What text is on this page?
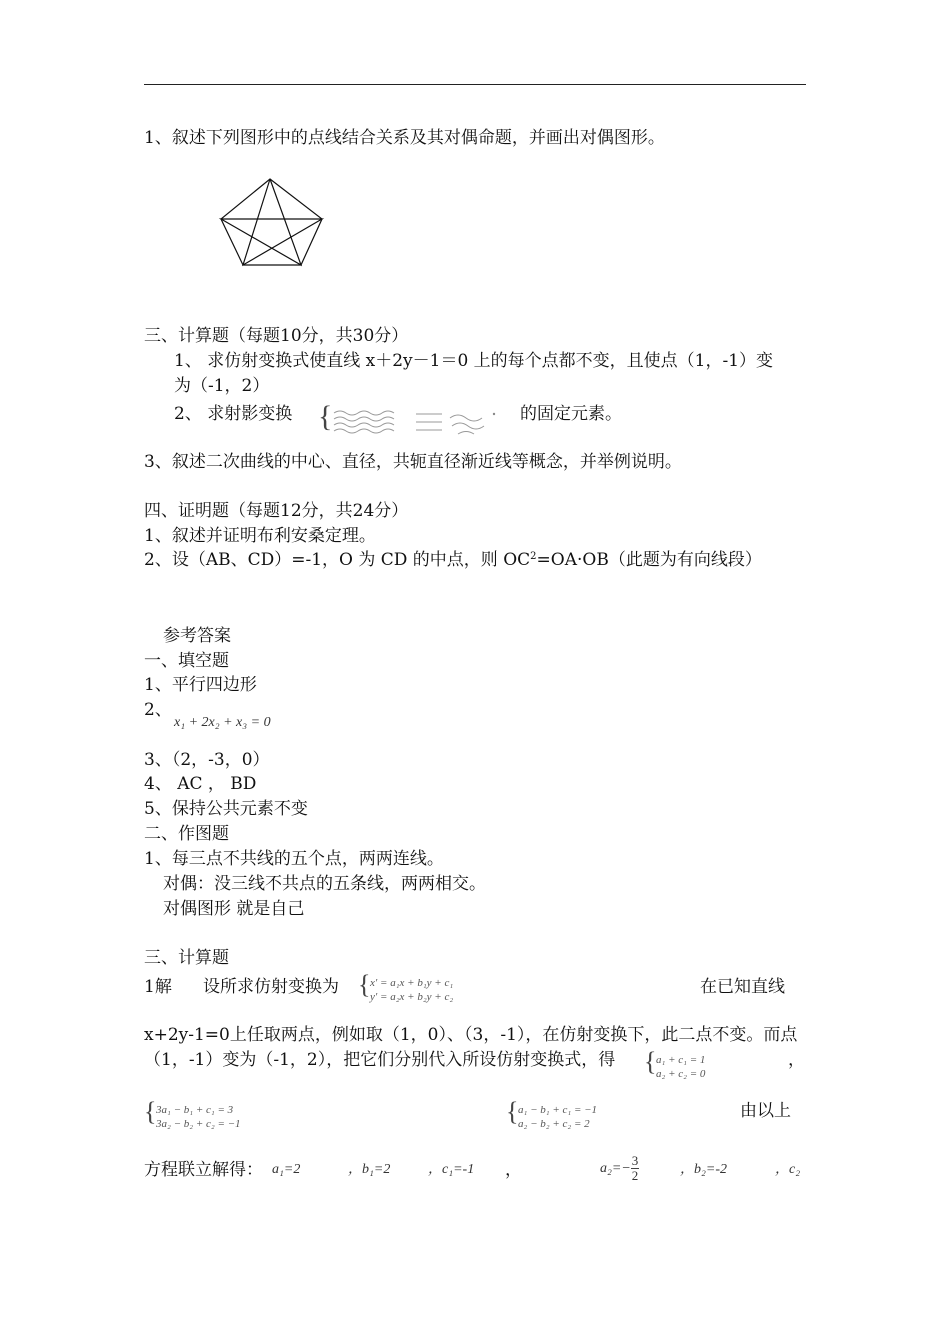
1、叙述下列图形中的点线结合关系及其对偶命题，并画出对偶图形。
三、计算题（每题10分，共30分）
1、 求仿射变换式使直线 x＋2y－1＝0 上的每个点都不变，且使点（1，-1）变
为（-1，2）
2、 求射影变换 {	的固定元素。
3、叙述二次曲线的中心、直径，共轭直径渐近线等概念，并举例说明。
四、证明题（每题12分，共24分）
1、叙述并证明布利安桑定理。
2、设（AB、CD）=-1，O 为 CD 的中点，则 $OC^2=OA\cdot OB$（此题为有向线段）
参考答案
一、填空题
1、平行四边形
2、
x₁ + 2x₂ + x₃ = 0
3、（2，-3，0）
4、 AC ， BD
5、保持公共元素不变
二、作图题
1、每三点不共线的五个点，两两连线。
对偶：没三线不共点的五条线，两两相交。
对偶图形 就是自己
三、计算题
1解 设所求仿射变换为 { x′ = a₁x + b₁y + c₁
y′ = a₂x + b₂y + c₂	在已知直线
x+2y-1=0上任取两点，例如取（1，0）、（3，-1），在仿射变换下，此二点不变。而点
（1，-1）变为（-1，2），把它们分别代入所设仿射变换式，得 { a₁ + c₁ = 1
a₂ + c₂ = 0
，
{ 3a₁ − b₁ + c₁ = 3
3a₂ − b₂ + c₂ = −1	{ a₁ − b₁ + c₁ = −1
a₂ − b₂ + c₂ = 2
由以上
方程联立解得： a₁=2	，b₁=2	，c₁=-1 ，	$a_2=- \frac{3}{2}$	，b₂=-2	，c₂
